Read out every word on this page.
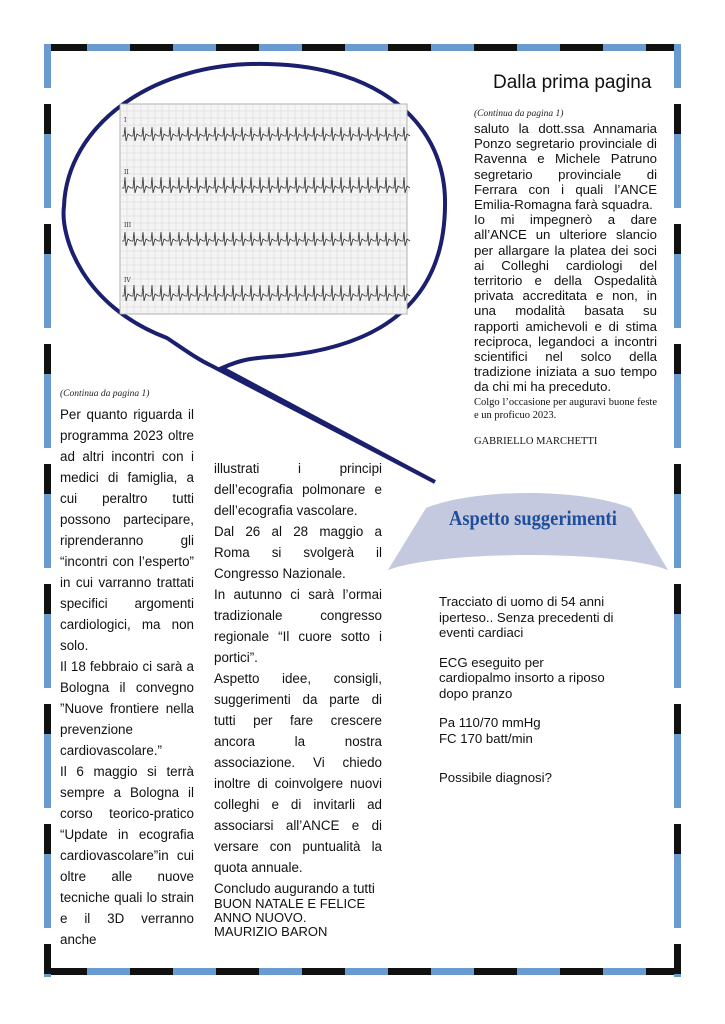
I
II
III
IV
Dalla prima pagina
(Continua da pagina 1)

saluto la dott.ssa Annamaria Ponzo segretario provinciale di Ravenna e Michele Patruno segretario provinciale di Ferrara con i quali l’ANCE Emilia-Romagna farà squadra.

Io mi impegnerò a dare all’ANCE un ulteriore slancio per allargare la platea dei soci ai Colleghi cardiologi del territorio e della Ospedalità privata accreditata e non, in una modalità basata su rapporti amichevoli e di stima reciproca, legandoci a incontri scientifici nel solco della tradizione iniziata a suo tempo da chi mi ha preceduto.

Colgo l’occasione per auguravi buone feste e un proficuo 2023.
GABRIELLO MARCHETTI
(Continua da pagina 1)

Per quanto riguarda il programma 2023 oltre ad altri incontri con i medici di famiglia, a cui peraltro tutti possono partecipare, riprenderanno gli “incontri con l’esperto” in cui varranno trattati specifici argomenti cardiologici, ma non solo.

Il 18 febbraio ci sarà a Bologna il convegno ”Nuove frontiere nella prevenzione cardiovascolare.”

Il 6 maggio si terrà sempre a Bologna il corso teorico-pratico “Update in ecografia cardiovascolare”in cui oltre alle nuove tecniche quali lo strain e il 3D verranno anche

illustrati i principi dell’ecografia polmonare e dell’ecografia vascolare.

Dal 26 al 28 maggio a Roma si svolgerà il Congresso Nazionale.

In autunno ci sarà l’ormai tradizionale congresso regionale “Il cuore sotto i portici”.

Aspetto idee, consigli, suggerimenti da parte di tutti per fare crescere ancora la nostra associazione. Vi chiedo inoltre di coinvolgere nuovi colleghi e di invitarli ad associarsi all’ANCE e di versare con puntualità la quota annuale.

Concludo augurando a tutti

BUON NATALE E FELICE
ANNO NUOVO.
MAURIZIO BARON
Aspetto suggerimenti

Tracciato di uomo di 54 anni iperteso.. Senza precedenti di eventi cardiaci

ECG eseguito per cardiopalmo insorto a riposo dopo pranzo

Pa 110/70 mmHg
FC 170 batt/min

Possibile diagnosi?
